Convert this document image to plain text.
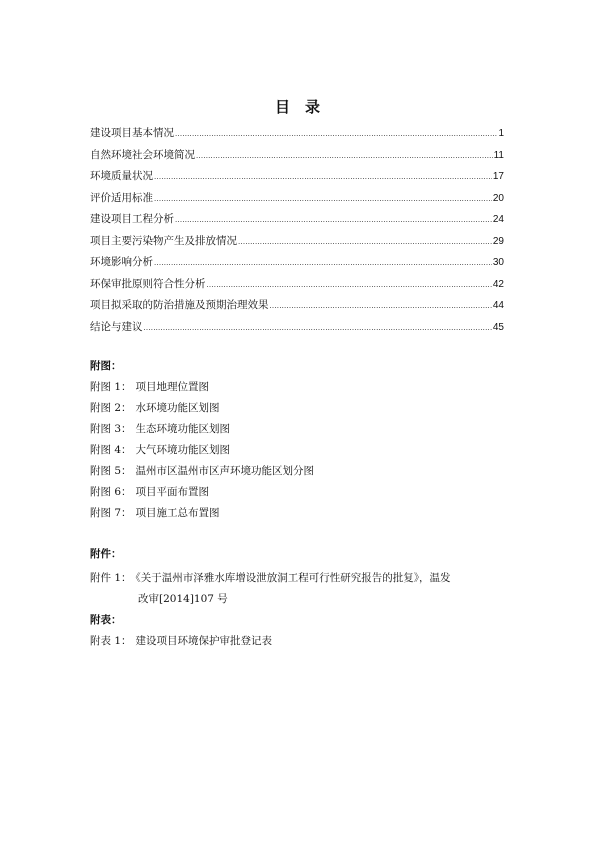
目　录
建设项目基本情况 .....	1
自然环境社会环境简况 .....	11
环境质量状况 .....	17
评价适用标准 .....	20
建设项目工程分析 .....	24
项目主要污染物产生及排放情况 .....	29
环境影响分析 .....	30
环保审批原则符合性分析 .....	42
项目拟采取的防治措施及预期治理效果 .....	44
结论与建议 .....	45
附图：
附图 1： 项目地理位置图
附图 2： 水环境功能区划图
附图 3： 生态环境功能区划图
附图 4： 大气环境功能区划图
附图 5： 温州市区温州市区声环境功能区划分图
附图 6： 项目平面布置图
附图 7： 项目施工总布置图
附件：
附件 1： 《关于温州市泽雅水库增设泄放洞工程可行性研究报告的批复》，温发
改审[2014]107 号
附表：
附表 1： 建设项目环境保护审批登记表
